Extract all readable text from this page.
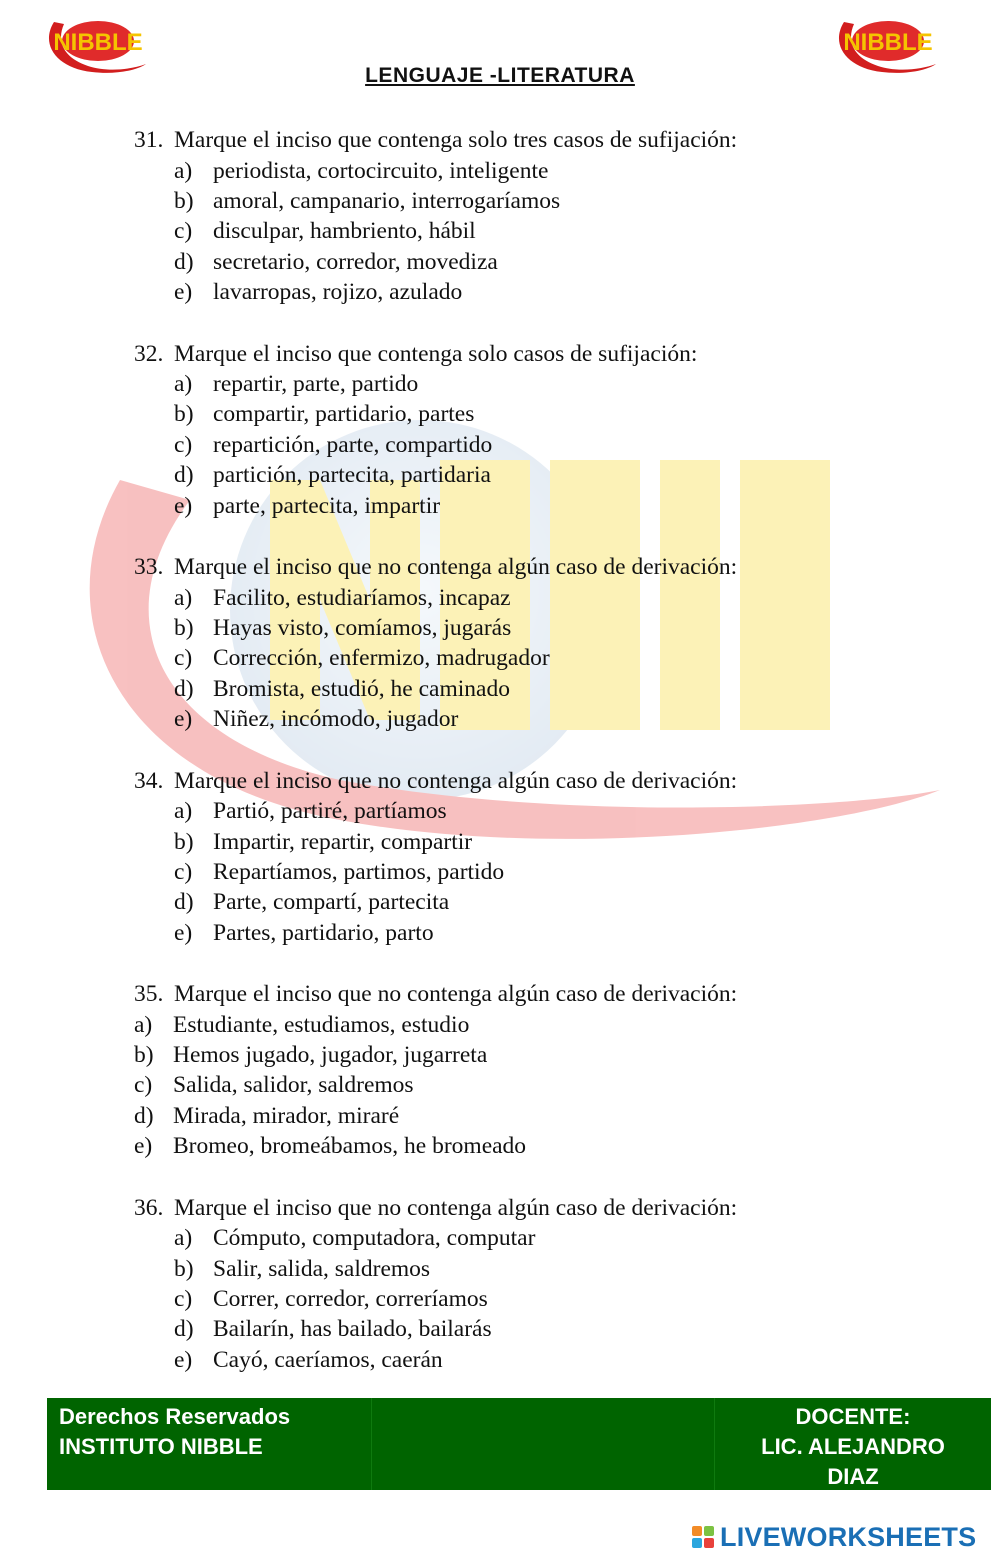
NIBBLE	NIBBLE
LENGUAJE -LITERATURA
31. Marque el inciso que contenga solo tres casos de sufijación:
a) periodista, cortocircuito, inteligente
b) amoral, campanario, interrogaríamos
c) disculpar, hambriento, hábil
d) secretario, corredor, movediza
e) lavarropas, rojizo, azulado
32. Marque el inciso que contenga solo casos de sufijación:
a) repartir, parte, partido
b) compartir, partidario, partes
c) repartición, parte, compartido
d) partición, partecita, partidaria
e) parte, partecita, impartir
33. Marque el inciso que no contenga algún caso de derivación:
a) Facilito, estudiaríamos, incapaz
b) Hayas visto, comíamos, jugarás
c) Corrección, enfermizo, madrugador
d) Bromista, estudió, he caminado
e) Niñez, incómodo, jugador
34. Marque el inciso que no contenga algún caso de derivación:
a) Partió, partiré, partíamos
b) Impartir, repartir, compartir
c) Repartíamos, partimos, partido
d) Parte, compartí, partecita
e) Partes, partidario, parto
35. Marque el inciso que no contenga algún caso de derivación:
a) Estudiante, estudiamos, estudio
b) Hemos jugado, jugador, jugarreta
c) Salida, salidor, saldremos
d) Mirada, mirador, miraré
e) Bromeo, bromeábamos, he bromeado
36. Marque el inciso que no contenga algún caso de derivación:
a) Cómputo, computadora, computar
b) Salir, salida, saldremos
c) Correr, corredor, correríamos
d) Bailarín, has bailado, bailarás
e) Cayó, caeríamos, caerán
Derechos Reservados
INSTITUTO NIBBLE
DOCENTE:
LIC. ALEJANDRO
DIAZ
LIVEWORKSHEETS
